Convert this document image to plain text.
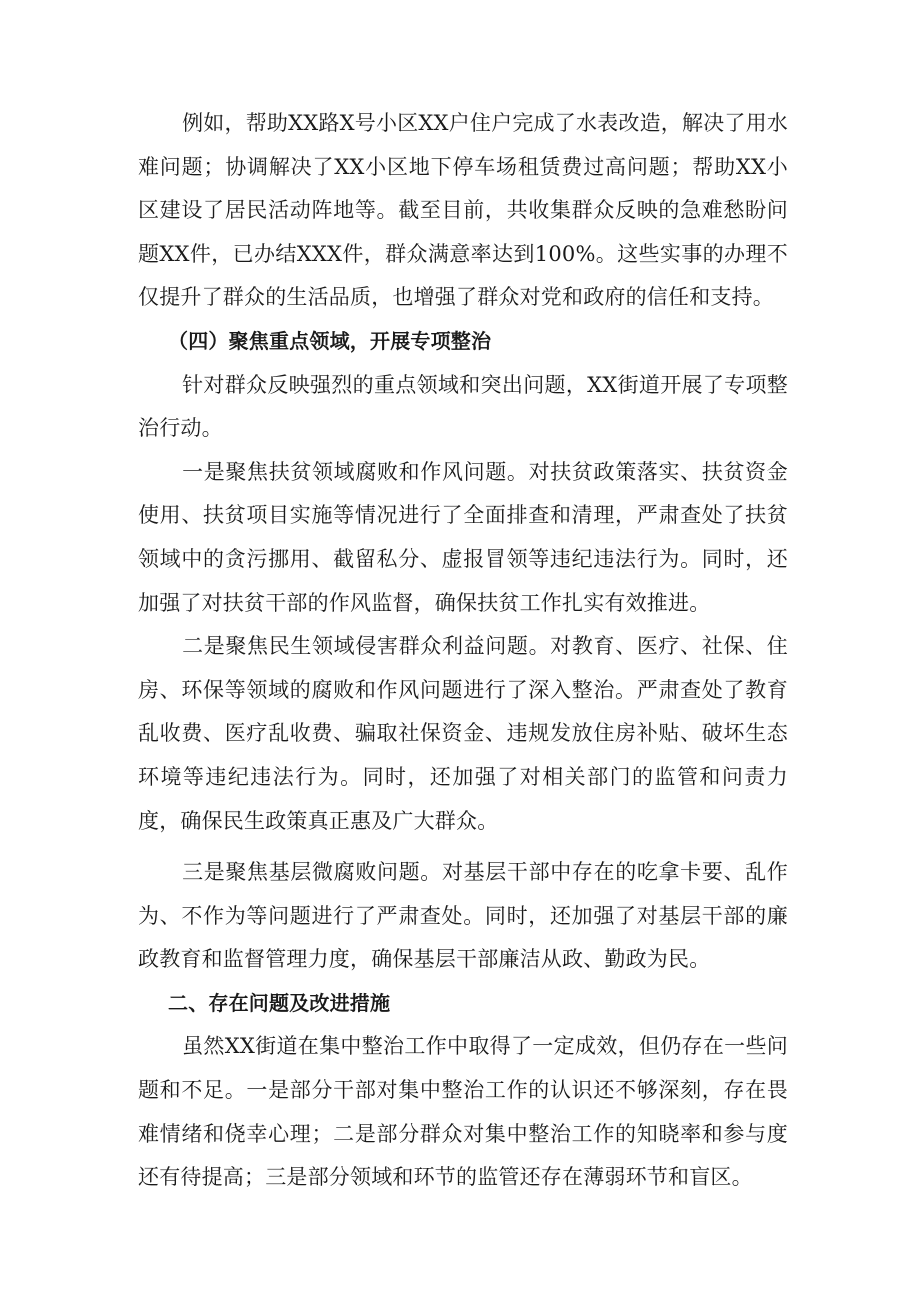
例如，帮助XX路X号小区XX户住户完成了水表改造，解决了用水难问题；协调解决了XX小区地下停车场租赁费过高问题；帮助XX小区建设了居民活动阵地等。截至目前，共收集群众反映的急难愁盼问题XX件，已办结XXX件，群众满意率达到100%。这些实事的办理不仅提升了群众的生活品质，也增强了群众对党和政府的信任和支持。

（四）聚焦重点领域，开展专项整治

针对群众反映强烈的重点领域和突出问题，XX街道开展了专项整治行动。

一是聚焦扶贫领域腐败和作风问题。对扶贫政策落实、扶贫资金使用、扶贫项目实施等情况进行了全面排查和清理，严肃查处了扶贫领域中的贪污挪用、截留私分、虚报冒领等违纪违法行为。同时，还加强了对扶贫干部的作风监督，确保扶贫工作扎实有效推进。

二是聚焦民生领域侵害群众利益问题。对教育、医疗、社保、住房、环保等领域的腐败和作风问题进行了深入整治。严肃查处了教育乱收费、医疗乱收费、骗取社保资金、违规发放住房补贴、破坏生态环境等违纪违法行为。同时，还加强了对相关部门的监管和问责力度，确保民生政策真正惠及广大群众。

三是聚焦基层微腐败问题。对基层干部中存在的吃拿卡要、乱作为、不作为等问题进行了严肃查处。同时，还加强了对基层干部的廉政教育和监督管理力度，确保基层干部廉洁从政、勤政为民。

二、存在问题及改进措施

虽然XX街道在集中整治工作中取得了一定成效，但仍存在一些问题和不足。一是部分干部对集中整治工作的认识还不够深刻，存在畏难情绪和侥幸心理；二是部分群众对集中整治工作的知晓率和参与度还有待提高；三是部分领域和环节的监管还存在薄弱环节和盲区。
